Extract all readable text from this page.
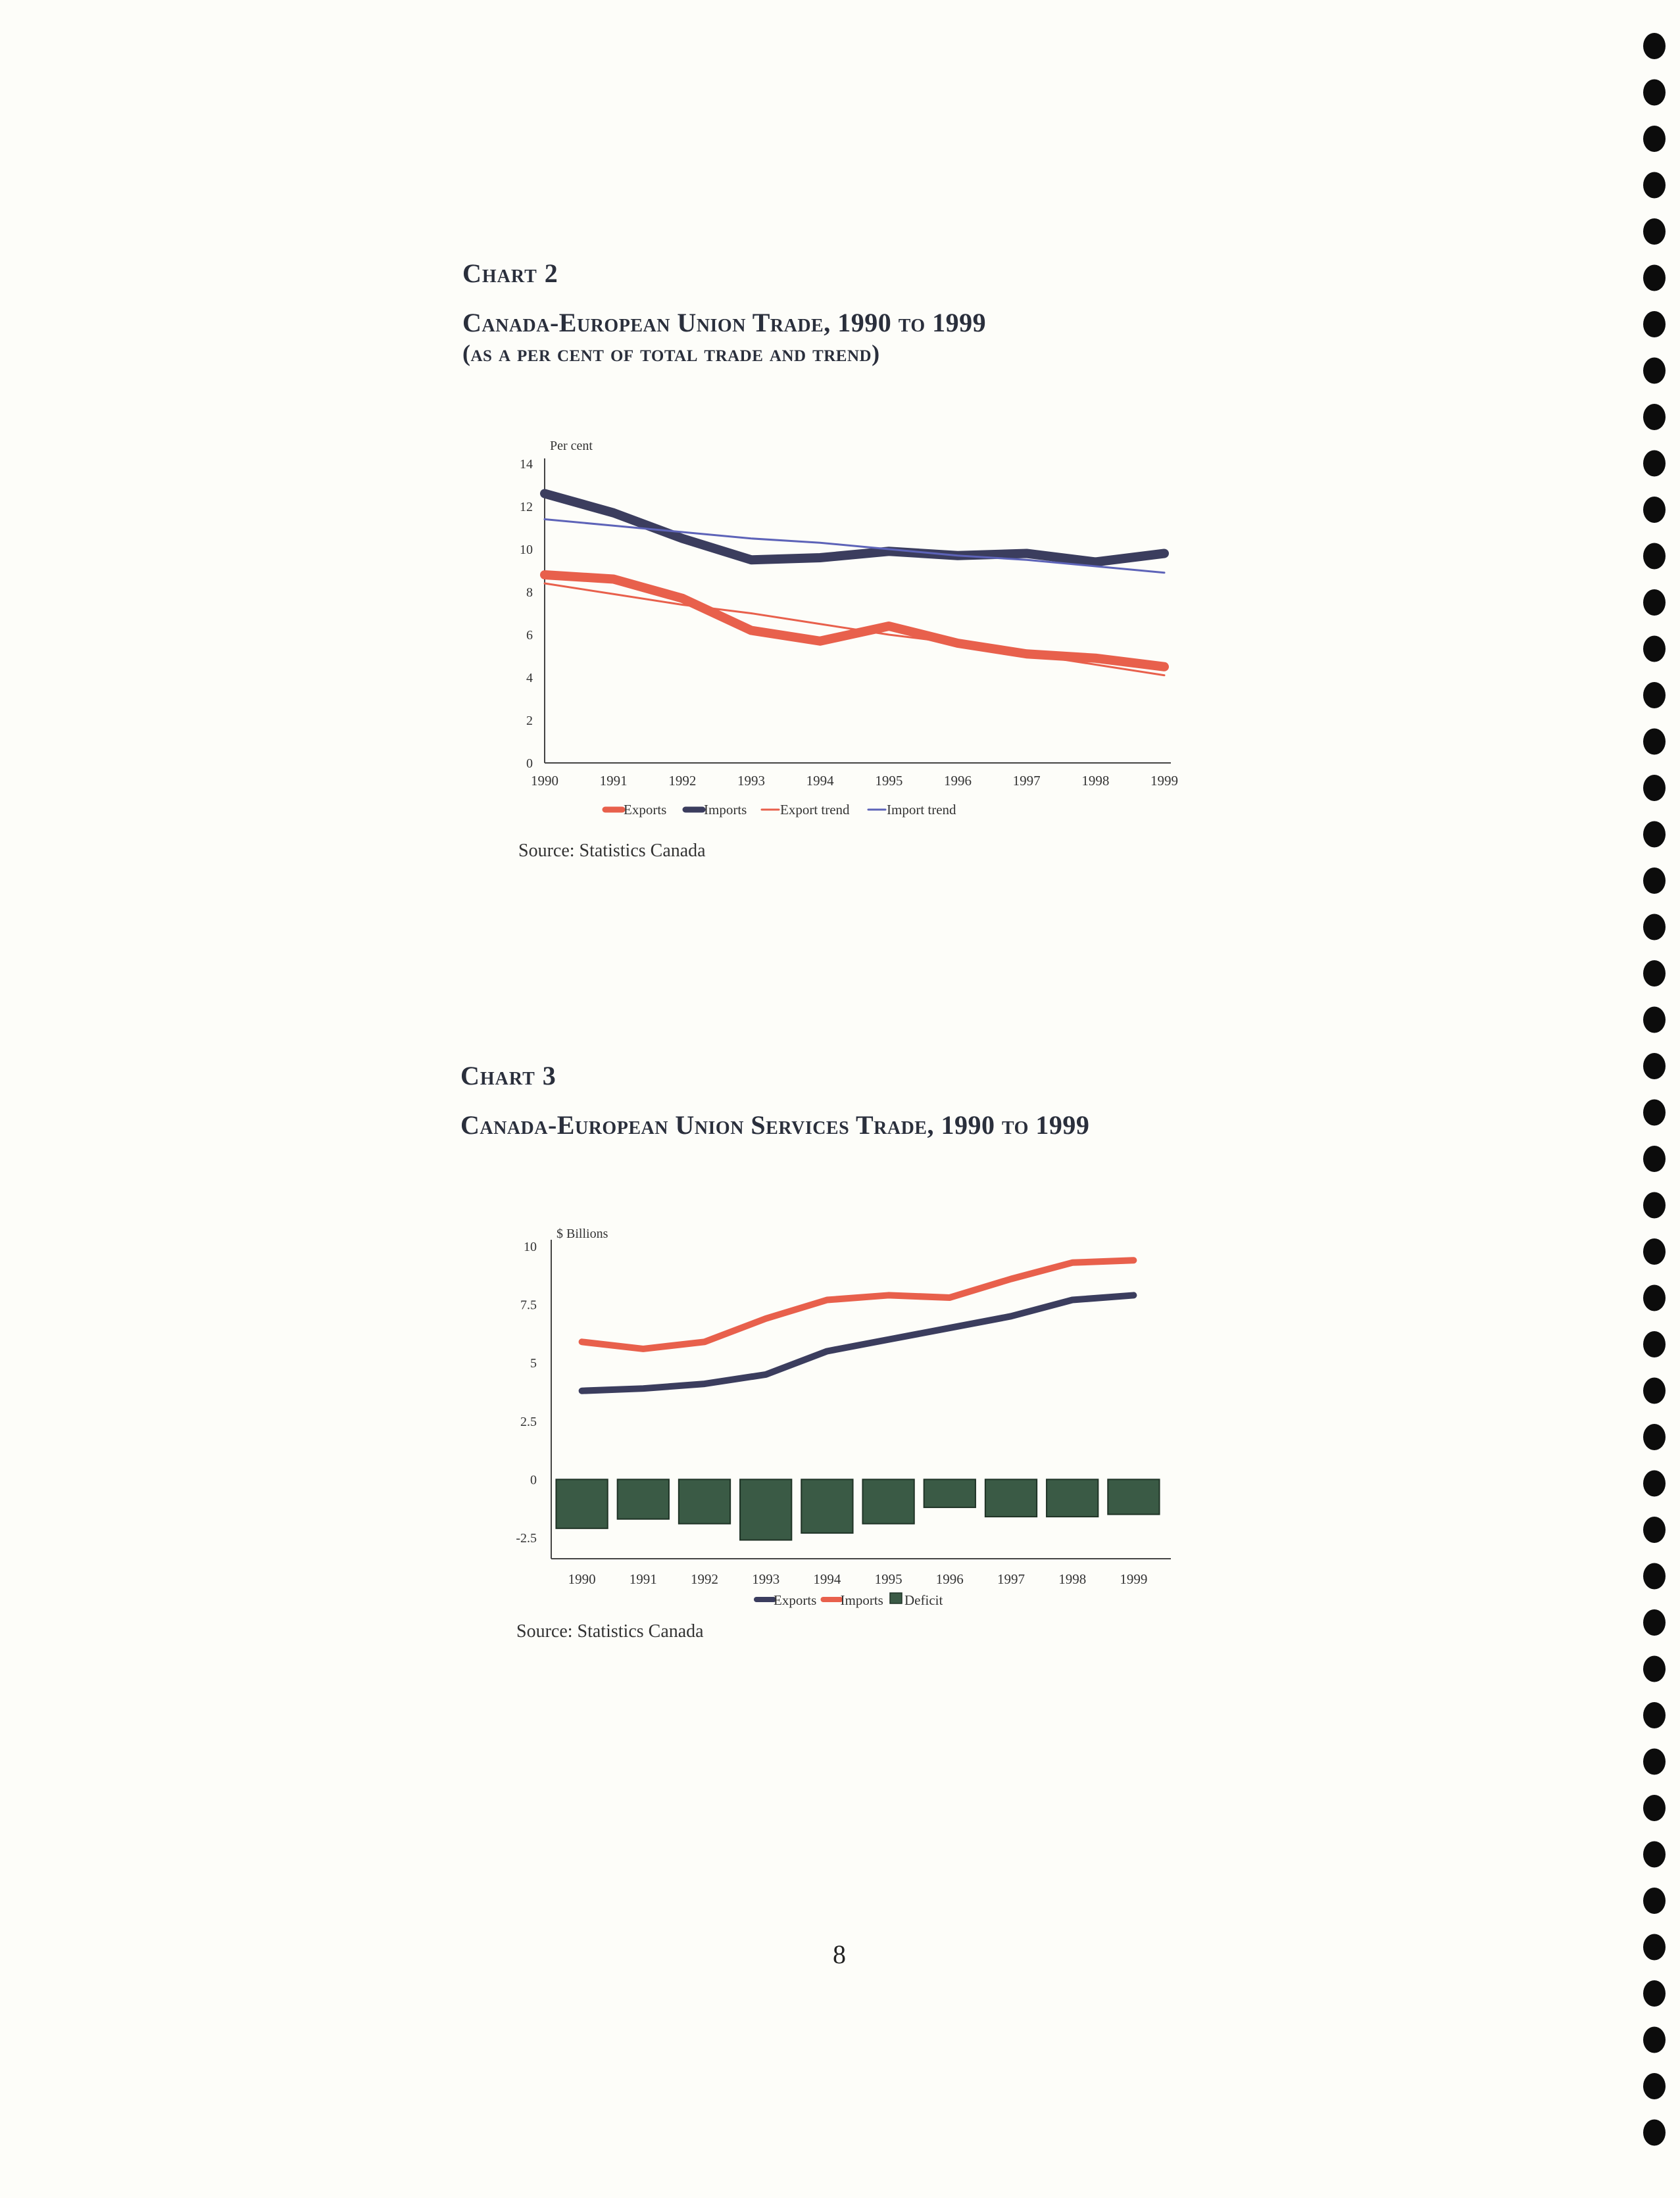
Chart 2
Canada-European Union Trade, 1990 to 1999
(as a per cent of total trade and trend)
Per cent
0
2
4
6
8
10
12
14
1990	1991	1992	1993	1994	1995	1996	1997	1998	1999
Exports	Imports Export trend	Import trend
Source: Statistics Canada
Chart 3
Canada-European Union Services Trade, 1990 to 1999
$ Billions
-2.5
0
2.5
5
7.5
10
1990 1991 1992 1993 1994 1995 1996 1997 1998 1999
Exports Imports Deficit
Source: Statistics Canada
8
